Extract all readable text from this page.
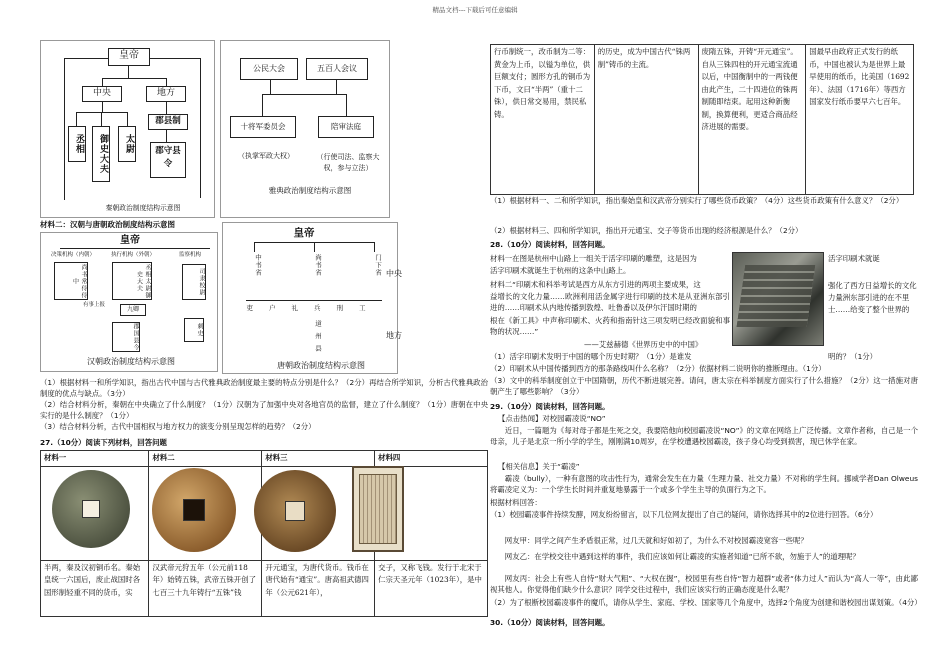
精品文档---下载后可任意编辑
皇帝
中央	地方
丞相	御史大夫	太尉
郡县制
郡守县令
秦朝政治制度结构示意图
公民大会	五百人会议
十将军委员会	陪审法庭
（执掌军政大权）	（行使司法、监察大权，参与立法）
雅典政治制度结构示意图
材料二：汉朝与唐朝政治制度结构示意图
皇帝
决策机构（内朝）	执行机构（外朝）	监察机构
尚书常侍侍中	丞相太尉御史大夫	司隶校尉
有事上报
九卿
郡国县令	刺史
汉朝政治制度结构示意图
皇帝
中书省	尚书省	门下省
吏户礼兵刑工
道州县
中央
地方
唐朝政治制度结构示意图
（1）根据材料一和所学知识，指出古代中国与古代雅典政治制度最主要的特点分别是什么？（2分）再结合所学知识，分析古代雅典政治制度的优点与缺点。（3分）
（2）结合材料分析，秦朝在中央确立了什么制度？（1分）汉朝为了加强中央对各地官员的监督，建立了什么制度？（1分）唐朝在中央实行的是什么制度？（1分）
（3）结合材料分析，古代中国相权与地方权力的演变分别呈现怎样的趋势？（2分）
27.（10分）阅读下列材料，回答问题
材料一	材料二	材料三	材料四

半两，秦及汉初铜币名。秦始皇统一六国后，废止战国时各国形制轻重不同的货币，实	汉武帝元狩五年（公元前118年）始铸五铢，武帝五铢开创了七百三十九年铸行“五铢”钱	开元通宝，为唐代货币。钱币在唐代始有“通宝”。唐高祖武德四年（公元621年），	交子，又称飞钱。发行于北宋于仁宗天圣元年（1023年），是中
行币制统一，改币制为二等：黄金为上币，以镒为单位，供巨额支付；圆形方孔的铜币为下币，文曰“半两”（重十二铢），供日常交易用，禁民私铸。	的历史，成为中国古代“铢两制”铸币的主流。	废隋五铢，开铸“开元通宝”。自从三铢四柱的开元通宝流通以后，中国衡制中的一两钱便由此产生，二十四进位的铢两制随即结束。起用这种新衡制，换算便利，更适合商品经济进展的需要。	国最早由政府正式发行的纸币，中国也被认为是世界上最早使用的纸币，比美国（1692年）、法国（1716年）等西方国家发行纸币要早六七百年。
（1）根据材料一、二和所学知识，指出秦始皇和汉武帝分别实行了哪些货币政策？（4分）这些货币政策有什么意义？（2分）
（2）根据材料三、四和所学知识，指出开元通宝、交子等货币出现的经济根源是什么？（2分）
28.（10分）阅读材料，回答问题。
材料一在图是杭州中山路上一组关于活字印刷的雕塑，这是因为
活字印刷术就诞生于杭州的这条中山路上。
活字印刷术就诞
材料二“印刷术和科举考试是西方从东方引进的两项主要成果，这
益增长的文化力量……欧洲利用活金属字进行印刷的技术是从亚洲东部引进的……印刷术从内地传播到敦煌、吐鲁番以及伊尔汗国时期的
根在《新工具》中声称印刷术、火药和指南针这三项发明已经改面貌和事物的状况……”
强化了西方日益增长的文化力量洲东部引进的在不里士……给变了整个世界的
——艾兹赫德《世界历史中的中国》
（1）活字印刷术发明于中国的哪个历史时期？（1分）是谁发	明的？（1分）
（2）印刷术从中国传播到西方的那条路线叫什么名称？（2分）依据材料二说明你的推断理由。（1分）
（3）文中的科举制度创立于中国隋朝，历代不断进展完善。请问，唐太宗在科举制度方面实行了什么措施？（2分）这一措施对唐朝产生了哪些影响？（3分）
29.（10分）阅读材料，回答问题。
【点击热闻】对校园霸凌说“NO”
近日，一篇题为《每对母子都是生死之交，我要陪他向校园霸凌说“NO”》的文章在网络上广泛传播。文章作者称，自己是一个母亲，儿子是北京一所小学的学生，刚刚满10周岁，在学校遭遇校园霸凌，孩子身心均受到损害，现已休学在家。
【相关信息】关于“霸凌”
霸凌（bully），一种有意图的攻击性行为，通常会发生在力量（生理力量、社交力量）不对称的学生间。挪威学者Dan Olweus将霸凌定义为：一个学生长时间并重复地暴露于一个或多个学生主导的负面行为之下。
根据材料回答：
（1）校园霸凌事件持续发酵，网友纷纷留言，以下几位网友提出了自己的疑问，请你选择其中的2位进行回答。（6分）
网友甲：同学之间产生矛盾很正常，过几天就和好如初了，为什么不对校园霸凌宽容一些呢？
网友乙：在学校交往中遇到这样的事件，我们应该如何让霸凌的实施者知道“已所不欲，勿施于人”的道理呢？
网友丙：社会上有些人自恃“财大气粗”、“大权在握”，校园里有些自恃“智力超群”或者“体力过人”而认为“高人一等”，由此鄙视其他人。你觉得他们缺少什么意识？同学交往过程中，我们应该实行的正确态度是什么呢？
（2）为了根断校园霸凌事件的魔爪，请你从学生、家庭、学校、国家等几个角度中，选择2个角度为创建和谐校园出谋划策。（4分）
30.（10分）阅读材料，回答问题。
